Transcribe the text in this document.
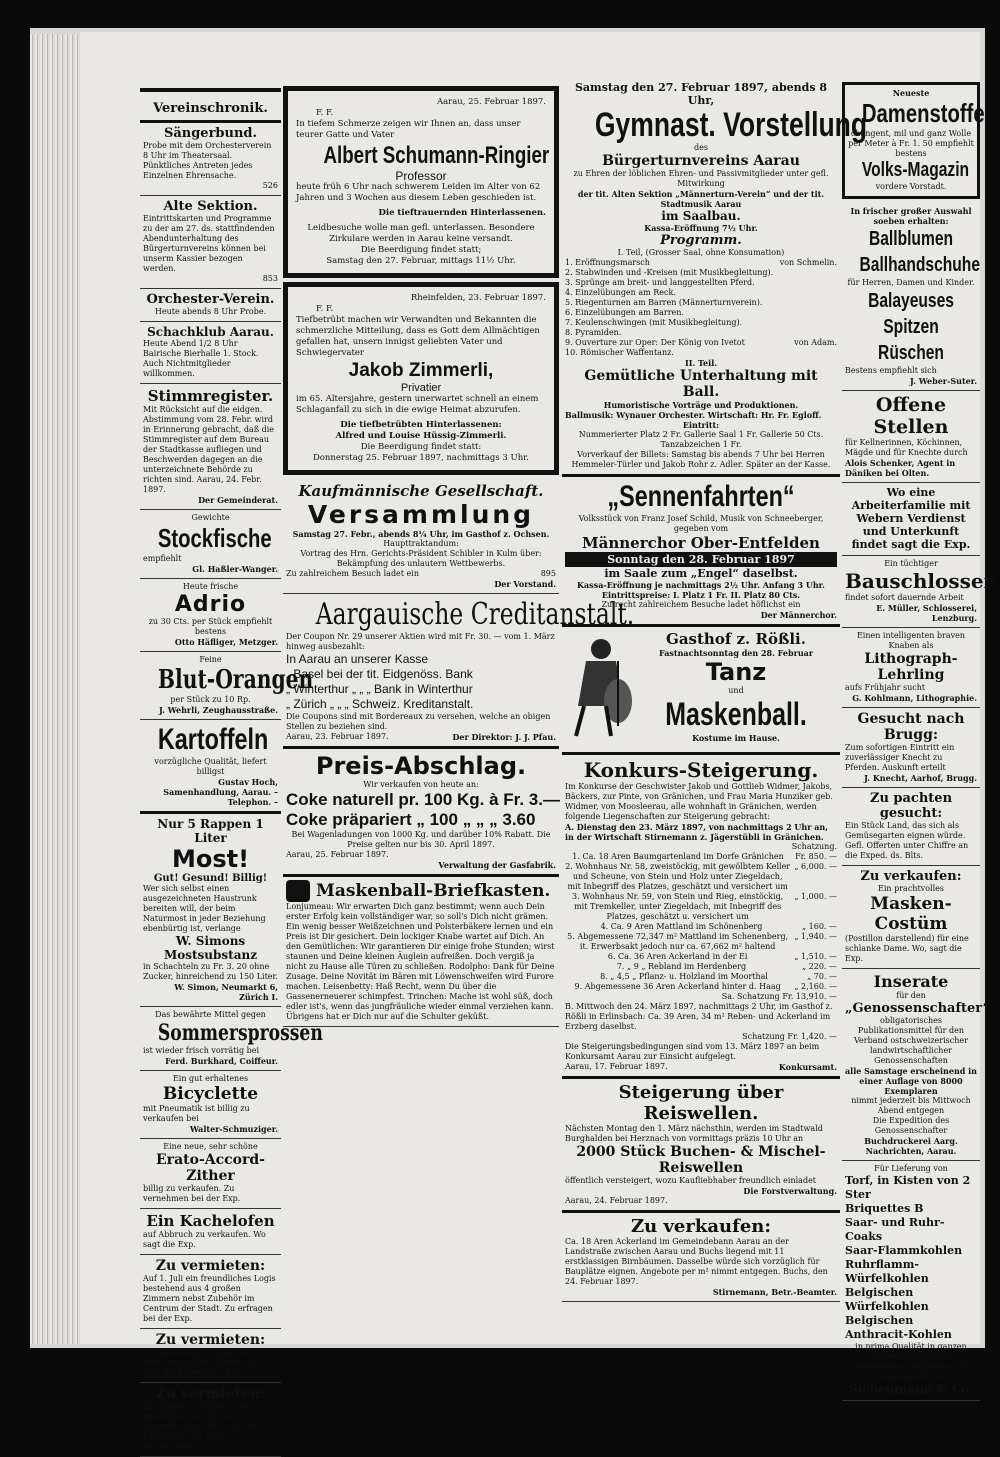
Vereinschronik.
Sängerbund.
Probe mit dem Orchesterverein 8 Uhr im Theatersaal. Pünktliches Antreten jedes Einzelnen Ehrensache.
526
Alte Sektion.
Eintrittskarten und Programme zu der am 27. ds. stattfindenden Abendunterhaltung des Bürgerturnvereins können bei unserm Kassier bezogen werden.
853
Orchester-Verein.
Heute abends 8 Uhr Probe.
Schachklub Aarau.
Heute Abend 1/2 8 Uhr Bairische Bierhalle 1. Stock. Auch Nichtmitglieder willkommen.
Stimmregister.
Mit Rücksicht auf die eidgen. Abstimmung vom 28. Febr. wird in Erinnerung gebracht, daß die Stimmregister auf dem Bureau der Stadtkasse aufliegen und Beschwerden dagegen an die unterzeichnete Behörde zu richten sind. Aarau, 24. Febr. 1897.
Der Gemeinderat.
Gewichte
Stockfische
empfiehlt
Gl. Haßler-Wanger.
Heute frische
Adrio
zu 30 Cts. per Stück empfiehlt bestens
Otto Häfliger, Metzger.
Feine
Blut-Orangen
per Stück zu 10 Rp.
J. Wehrli, Zeughausstraße.
Kartoffeln
vorzügliche Qualität, liefert billigst
Gustav Hoch, Samenhandlung, Aarau. – Telephon. –
Nur 5 Rappen 1 Liter
Most!
Gut! Gesund! Billig!
Wer sich selbst einen ausgezeichneten Haustrunk bereiten will, der beim Naturmost in jeder Beziehung ebenbürtig ist, verlange
W. Simons Mostsubstanz
in Schachteln zu Fr. 3. 20 ohne Zucker, hinreichend zu 150 Liter.
W. Simon, Neumarkt 6, Zürich I.
Das bewährte Mittel gegen
Sommersprossen
ist wieder frisch vorrätig bei
Ferd. Burkhard, Coiffeur.
Ein gut erhaltenes
Bicyclette
mit Pneumatik ist billig zu verkaufen bei
Walter-Schmuziger.
Eine neue, sehr schöne
Erato-Accord-Zither
billig zu verkaufen. Zu vernehmen bei der Exp.
Ein Kachelofen
auf Abbruch zu verkaufen. Wo sagt die Exp.
Zu vermieten:
Auf 1. Juli ein freundliches Logis bestehend aus 4 großen Zimmern nebst Zubehör im Centrum der Stadt. Zu erfragen bei der Exp.
Zu vermieten:
Ein möbliertes Zimmer, an ein oder zwei solide Arbeiter. Wo, sagt die Expedi. ds. Blts.
Zu vermieten:
Ein Zimmer, möbliert, oder unmöbliert mit Küche in gesunder Lage. Wo, sagt die Expedition der Aarg. Nachrichten.
Aarau, 25. Februar 1897.
F. F.
In tiefem Schmerze zeigen wir Ihnen an, dass unser teurer Gatte und Vater
Albert Schumann-Ringier
Professor
heute früh 6 Uhr nach schwerem Leiden im Alter von 62 Jahren und 3 Wochen aus diesem Leben geschieden ist.
Die tieftrauernden Hinterlassenen.
Leidbesuche wolle man gefl. unterlassen. Besondere Zirkulare werden in Aarau keine versandt.
Die Beerdigung findet statt;
Samstag den 27. Februar, mittags 11½ Uhr.
Rheinfelden, 23. Februar 1897.
F. F.
Tiefbetrübt machen wir Verwandten und Bekannten die schmerzliche Mitteilung, dass es Gott dem Allmächtigen gefallen hat, unsern innigst geliebten Vater und Schwiegervater
Jakob Zimmerli,
Privatier
im 65. Altersjahre, gestern unerwartet schnell an einem Schlaganfall zu sich in die ewige Heimat abzurufen.
Die tiefbetrübten Hinterlassenen:
Alfred und Louise Hüssig-Zimmerli.
Die Beerdigung findet statt:
Donnerstag 25. Februar 1897, nachmittags 3 Uhr.
Kaufmännische Gesellschaft.
Versammlung
Samstag 27. Febr., abends 8¼ Uhr, im Gasthof z. Ochsen.
Haupttraktandum:
Vortrag des Hrn. Gerichts-Präsident Schibler in Kulm über: Bekämpfung des unlautern Wettbewerbs.
Zu zahlreichem Besuch ladet ein	895
Der Vorstand.
Aargauische Creditanstalt.
Der Coupon Nr. 29 unserer Aktien wird mit Fr. 30. — vom 1. März hinweg ausbezahlt:
In Aarau an unserer Kasse
„ Basel bei der tit. Eidgenöss. Bank
„ Winterthur „ „ „ Bank in Winterthur
„ Zürich „ „ „ Schweiz. Kreditanstalt.
Die Coupons sind mit Bordereaux zu versehen, welche an obigen Stellen zu beziehen sind.
Aarau, 23. Februar 1897.	Der Direktor: J. J. Pfau.
Preis-Abschlag.
Wir verkaufen von heute an:
Coke naturell pr. 100 Kg. à Fr. 3.—
Coke präpariert „ 100 „ „ „ 3.60
Bei Wagenladungen von 1000 Kg. und darüber 10% Rabatt. Die Preise gelten nur bis 30. April 1897.
Aarau, 25. Februar 1897.
Verwaltung der Gasfabrik.
Maskenball-Briefkasten.
Lonjumeau: Wir erwarten Dich ganz bestimmt; wenn auch Dein erster Erfolg kein vollständiger war, so soll's Dich nicht grämen. Ein wenig besser Weißzeichnen und Polsterbäkere lernen und ein Preis ist Dir gesichert. Dein lockiger Knabe wartet auf Dich. An den Gemütlichen: Wir garantieren Dir einige frohe Stunden; wirst staunen und Deine kleinen Äuglein aufreißen. Doch vergiß ja nicht zu Hause alle Türen zu schließen. Rodolpho: Dank für Deine Zusage. Deine Novität im Bären mit Löwenschweifen wird Furore machen. Leisenbetty: Haß Recht, wenn Du über die Gassenerneuerer schimpfest. Trinchen: Mache ist wohl süß, doch edler ist's, wenn das jungfräuliche wieder einmal verziehen kann. Übrigens hat er Dich nur auf die Schulter geküßt.
Samstag den 27. Februar 1897, abends 8 Uhr,
Gymnast. Vorstellung
des
Bürgerturnvereins Aarau
zu Ehren der löblichen Ehren- und Passivmitglieder unter gefl. Mitwirkung
der tit. Alten Sektion „Männerturn-Verein“ und der tit. Stadtmusik Aarau
im Saalbau.
Kassa-Eröffnung 7½ Uhr.
Programm.
I. Teil, (Grosser Saal, ohne Konsumation)
1. Eröffnungsmarsch	von Schmelin.
2. Stabwinden und -Kreisen (mit Musikbegleitung).
3. Sprünge am breit- und langgestellten Pferd.
4. Einzelübungen am Reck.
5. Riegenturnen am Barren (Männerturnverein).
6. Einzelübungen am Barren.
7. Keulenschwingen (mit Musikbegleitung).
8. Pyramiden.
9. Ouverture zur Oper: Der König von Ivetot	von Adam.
10. Römischer Waffentanz.
II. Teil.
Gemütliche Unterhaltung mit Ball.
Humoristische Vorträge und Produktionen.
Ballmusik: Wynauer Orchester. Wirtschaft: Hr. Fr. Egloff.
Eintritt:
Nummerierter Platz 2 Fr. Gallerie Saal 1 Fr. Gallerie 50 Cts. Tanzabzeichen 1 Fr.
Vorverkauf der Billets: Samstag bis abends 7 Uhr bei Herren Hemmeler-Türler und Jakob Rohr z. Adler. Später an der Kasse.
„Sennenfahrten“
Volksstück von Franz Josef Schild, Musik von Schneeberger, gegeben vom
Männerchor Ober-Entfelden
Sonntag den 28. Februar 1897
im Saale zum „Engel“ daselbst.
Kassa-Eröffnung je nachmittags 2½ Uhr. Anfang 3 Uhr.
Eintrittspreise: I. Platz 1 Fr. II. Platz 80 Cts.
Zu recht zahlreichem Besuche ladet höflichst ein
Der Männerchor.
Gasthof z. Rößli.
Fastnachtsonntag den 28. Februar
Tanz
und
Maskenball.
Kostume im Hause.
Konkurs-Steigerung.
Im Konkurse der Geschwister Jakob und Gottlieb Widmer, Jakobs, Bäckers, zur Pinte, von Gränichen, und Frau Maria Hunziker geb. Widmer, von Moosleerau, alle wohnhaft in Gränichen, werden folgende Liegenschaften zur Steigerung gebracht:
A. Dienstag den 23. März 1897, von nachmittags 2 Uhr an, in der Wirtschaft Stirnemann z. Jägerstübli in Gränichen.
Schatzung.
1. Ca. 18 Aren Baumgartenland im Dorfe Gränichen	Fr. 850. —
2. Wohnhaus Nr. 58, zweistöckig, mit gewölbtem Keller und Scheune, von Stein und Holz unter Ziegeldach, mit Inbegriff des Platzes, geschätzt und versichert um
„ 6,000. —
3. Wohnhaus Nr. 59, von Stein und Rieg, einstöckig, mit Tremkeller, unter Ziegeldach, mit Inbegriff des Platzes, geschätzt u. versichert um
„ 1,000. —
4. Ca. 9 Aren Mattland im Schönenberg	„ 160. —
5. Abgemessene 72,347 m² Mattland im Schenenberg, it. Erwerbsakt jedoch nur ca. 67,662 m² haltend
„ 1,940. —
6. Ca. 36 Aren Ackerland in der Ei	„ 1,510. —
7. „ 9 „ Rebland im Herdenberg	„ 220. —
8. „ 4,5 „ Pflanz- u. Holzland im Moorthal	„ 70. —
9. Abgemessene 36 Aren Ackerland hinter d. Haag	„ 2,160. —
Sa. Schatzung Fr. 13,910. —
B. Mittwoch den 24. März 1897, nachmittags 2 Uhr, im Gasthof z. Rößli in Erlinsbach: Ca. 39 Aren, 34 m² Reben- und Ackerland im Erzberg daselbst.
Schatzung Fr. 1,420. —
Die Steigerungsbedingungen sind vom 13. März 1897 an beim Konkursamt Aarau zur Einsicht aufgelegt.
Aarau, 17. Februar 1897.	Konkursamt.
Steigerung über Reiswellen.
Nächsten Montag den 1. März nächsthin, werden im Stadtwald Burghalden bei Herznach von vormittags präzis 10 Uhr an
2000 Stück Buchen- & Mischel-Reiswellen
öffentlich versteigert, wozu Kaufliebhaber freundlich einladet
Die Forstverwaltung.
Aarau, 24. Februar 1897.
Zu verkaufen:
Ca. 18 Aren Ackerland im Gemeindebann Aarau an der Landstraße zwischen Aarau und Buchs liegend mit 11 erstklassigen Birnbäumen. Dasselbe würde sich vorzüglich für Bauplätze eignen. Angebote per m² nimmt entgegen. Buchs, den 24. Februar 1897.
Stirnemann, Betr.-Beamter.
Neueste
Damenstoffe
changent, mil und ganz Wolle per Meter à Fr. 1. 50 empfiehlt bestens
Volks-Magazin
vordere Vorstadt.
In frischer großer Auswahl soeben erhalten:
Ballblumen
Ballhandschuhe
für Herren, Damen und Kinder.
Balayeuses
Spitzen
Rüschen
Bestens empfiehlt sich
J. Weber-Suter.
Offene Stellen
für Kellnerinnen, Köchinnen, Mägde und für Knechte durch
Alois Schenker, Agent in Däniken bei Olten.
Wo eine Arbeiterfamilie mit Webern Verdienst und Unterkunft findet sagt die Exp.
Ein tüchtiger
Bauschlosser
findet sofort dauernde Arbeit
E. Müller, Schlosserei, Lenzburg.
Einen intelligenten braven Knaben als
Lithograph-Lehrling
aufs Frühjahr sucht
G. Kohlmann, Lithographie.
Gesucht nach Brugg:
Zum sofortigen Eintritt ein zuverlässiger Knecht zu Pferden. Auskunft erteilt
J. Knecht, Aarhof, Brugg.
Zu pachten gesucht:
Ein Stück Land, das sich als Gemüsegarten eignen würde. Gefl. Offerten unter Chiffre an die Exped. ds. Blts.
Zu verkaufen:
Ein prachtvolles
Masken-Costüm
(Postillon darstellend) für eine schlanke Dame. Wo, sagt die Exp.
Inserate
für den
„Genossenschafter“
obligatorisches Publikationsmittel für den Verband ostschweizerischer landwirtschaftlicher Genossenschaften
alle Samstage erscheinend in einer Auflage von 8000 Exemplaren
nimmt jederzeit bis Mittwoch Abend entgegen
Die Expedition des Genossenschafter
Buchdruckerei Aarg. Nachrichten, Aarau.
Für Lieferung von
Torf, in Kisten von 2 Ster
Briquettes B
Saar- und Ruhr-Coaks
Saar-Flammkohlen
Ruhrflamm-Würfelkohlen
Belgischen Würfelkohlen
Belgischen Anthracit-Kohlen
in prima Qualität in ganzen Wagenladungen und zentnerweise empfehlen sich angelegentlichst
Siebenmann & Co.
